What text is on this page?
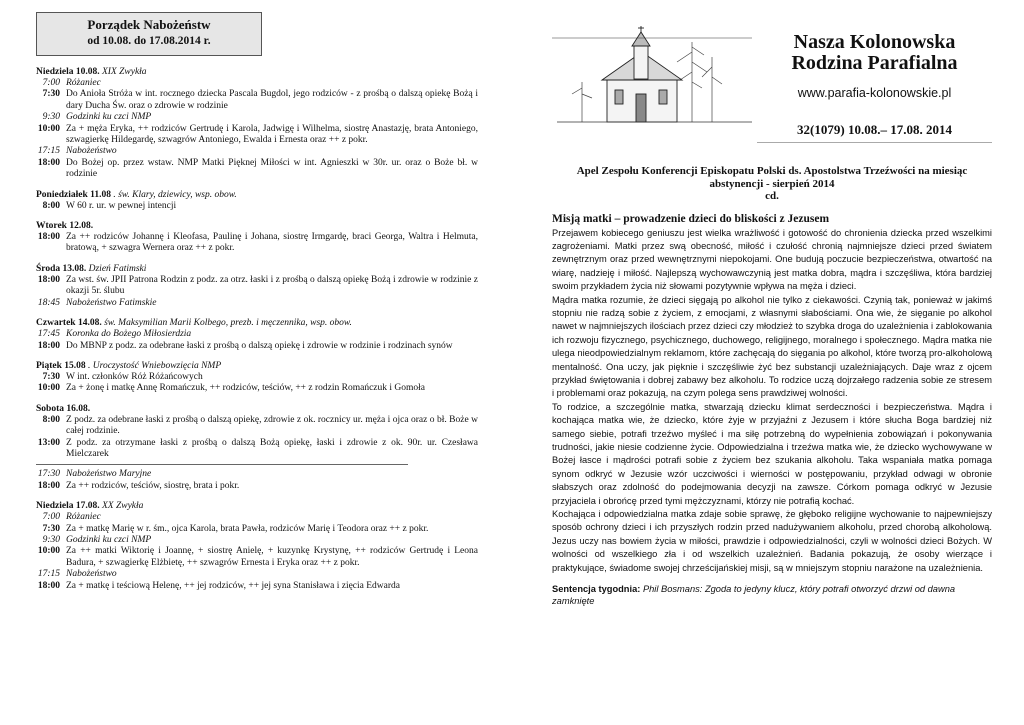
Porządek Nabożeństw
od 10.08. do 17.08.2014 r.
Niedziela 10.08. XIX Zwykła
7:00 Różaniec
7:30 Do Anioła Stróża w int. rocznego dziecka Pascala Bugdol, jego rodziców - z prośbą o dalszą opiekę Bożą i dary Ducha Św. oraz o zdrowie w rodzinie
9:30 Godzinki ku czci NMP
10:00 Za + męża Eryka, ++ rodziców Gertrudę i Karola, Jadwigę i Wilhelma, siostrę Anastazję, brata Antoniego, szwagierkę Hildegardę, szwagrów Antoniego, Ewalda i Ernesta oraz ++ z pokr.
17:15 Nabożeństwo
18:00 Do Bożej op. przez wstaw. NMP Matki Pięknej Miłości w int. Agnieszki w 30r. ur. oraz o Boże bł. w rodzinie
Poniedziałek 11.08 . św. Klary, dziewicy, wsp. obow.
8:00 W 60 r. ur. w pewnej intencji
Wtorek 12.08.
18:00 Za ++ rodziców Johannę i Kleofasa, Paulinę i Johana, siostrę Irmgardę, braci Georga, Waltra i Helmuta, bratową, + szwagra Wernera oraz ++ z pokr.
Środa 13.08. Dzień Fatimski
18:00 Za wst. św. JPII Patrona Rodzin z podz. za otrz. łaski i z prośbą o dalszą opiekę Bożą i zdrowie w rodzinie z okazji 5r. ślubu
18:45 Nabożeństwo Fatimskie
Czwartek 14.08. św. Maksymilian Marii Kolbego, prezb. i męczennika, wsp. obow.
17:45 Koronka do Bożego Miłosierdzia
18:00 Do MBNP z podz. za odebrane łaski z prośbą o dalszą opiekę i zdrowie w rodzinie i rodzinach synów
Piątek 15.08 . Uroczystość Wniebowzięcia NMP
7:30 W int. członków Róż Różańcowych
10:00 Za + żonę i matkę Annę Romańczuk, ++ rodziców, teściów, ++ z rodzin Romańczuk i Gomoła
Sobota 16.08.
8:00 Z podz. za odebrane łaski z prośbą o dalszą opiekę, zdrowie z ok. rocznicy ur. męża i ojca oraz o bł. Boże w całej rodzinie.
13:00 Z podz. za otrzymane łaski z prośbą o dalszą Bożą opiekę, łaski i zdrowie z ok. 90r. ur. Czesława Mielczarek
17:30 Nabożeństwo Maryjne
18:00 Za ++ rodziców, teściów, siostrę, brata i pokr.
Niedziela 17.08. XX Zwykła
7:00 Różaniec
7:30 Za + matkę Marię w r. śm., ojca Karola, brata Pawła, rodziców Marię i Teodora oraz ++ z pokr.
9:30 Godzinki ku czci NMP
10:00 Za ++ matki Wiktorię i Joannę, + siostrę Anielę, + kuzynkę Krystynę, ++ rodziców Gertrudę i Leona Badura, + szwagierkę Elżbietę, ++ szwagrów Ernesta i Eryka oraz ++ z pokr.
17:15 Nabożeństwo
18:00 Za + matkę i teściową Helenę, ++ jej rodziców, ++ jej syna Stanisława i zięcia Edwarda
Nasza Kolonowska
Rodzina Parafialna
www.parafia-kolonowskie.pl
32(1079) 10.08.– 17.08. 2014
Apel Zespołu Konferencji Episkopatu Polski ds. Apostolstwa Trzeźwości na miesiąc abstynencji - sierpień 2014
cd.
Misją matki – prowadzenie dzieci do bliskości z Jezusem

Przejawem kobiecego geniuszu jest wielka wrażliwość i gotowość do chronienia dziecka przed wszelkimi zagrożeniami. Matki przez swą obecność, miłość i czułość chronią najmniejsze dzieci przed światem zewnętrznym oraz przed wewnętrznymi niepokojami. One budują poczucie bezpieczeństwa, otwartość na wiarę, nadzieję i miłość. Najlepszą wychowawczynią jest matka dobra, mądra i szczęśliwa, która bardziej swoim przykładem życia niż słowami pozytywnie wpływa na męża i dzieci.

Mądra matka rozumie, że dzieci sięgają po alkohol nie tylko z ciekawości. Czynią tak, ponieważ w jakimś stopniu nie radzą sobie z życiem, z emocjami, z własnymi słabościami. Ona wie, że sięganie po alkohol nawet w najmniejszych ilościach przez dzieci czy młodzież to szybka droga do uzależnienia i zablokowania ich rozwoju fizycznego, psychicznego, duchowego, religijnego, moralnego i społecznego. Mądra matka nie ulega nieodpowiedzialnym reklamom, które zachęcają do sięgania po alkohol, które tworzą pro-alkoholową mentalność. Ona uczy, jak pięknie i szczęśliwie żyć bez substancji uzależniających. Daje wraz z ojcem przykład świętowania i dobrej zabawy bez alkoholu. To rodzice uczą dojrzałego radzenia sobie ze stresem i problemami oraz pokazują, na czym polega sens prawdziwej wolności.

To rodzice, a szczególnie matka, stwarzają dziecku klimat serdeczności i bezpieczeństwa. Mądra i kochająca matka wie, że dziecko, które żyje w przyjaźni z Jezusem i które słucha Boga bardziej niż samego siebie, potrafi trzeźwo myśleć i ma siłę potrzebną do wypełnienia zobowiązań i pokonywania trudności, jakie niesie codzienne życie. Odpowiedzialna i trzeźwa matka wie, że dziecko wychowywane w Bożej łasce i mądrości potrafi sobie z życiem bez szukania alkoholu. Taka wspaniała matka pomaga synom odkryć w Jezusie wzór uczciwości i wierności w postępowaniu, przykład odwagi w obronie słabszych oraz zdolność do podejmowania decyzji na zawsze. Córkom pomaga odkryć w Jezusie przyjaciela i obrońcę przed tymi mężczyznami, którzy nie potrafią kochać.

Kochająca i odpowiedzialna matka zdaje sobie sprawę, że głęboko religijne wychowanie to najpewniejszy sposób ochrony dzieci i ich przyszłych rodzin przed nadużywaniem alkoholu, przed chorobą alkoholową. Jezus uczy nas bowiem życia w miłości, prawdzie i odpowiedzialności, czyli w wolności dzieci Bożych. W wolności od wszelkiego zła i od wszelkich uzależnień. Badania pokazują, że osoby wierzące i praktykujące, świadome swojej chrześcijańskiej misji, są w mniejszym stopniu narażone na uzależnienia.

Sentencja tygodnia: Phil Bosmans: Zgoda to jedyny klucz, który potrafi otworzyć drzwi od dawna zamknięte
